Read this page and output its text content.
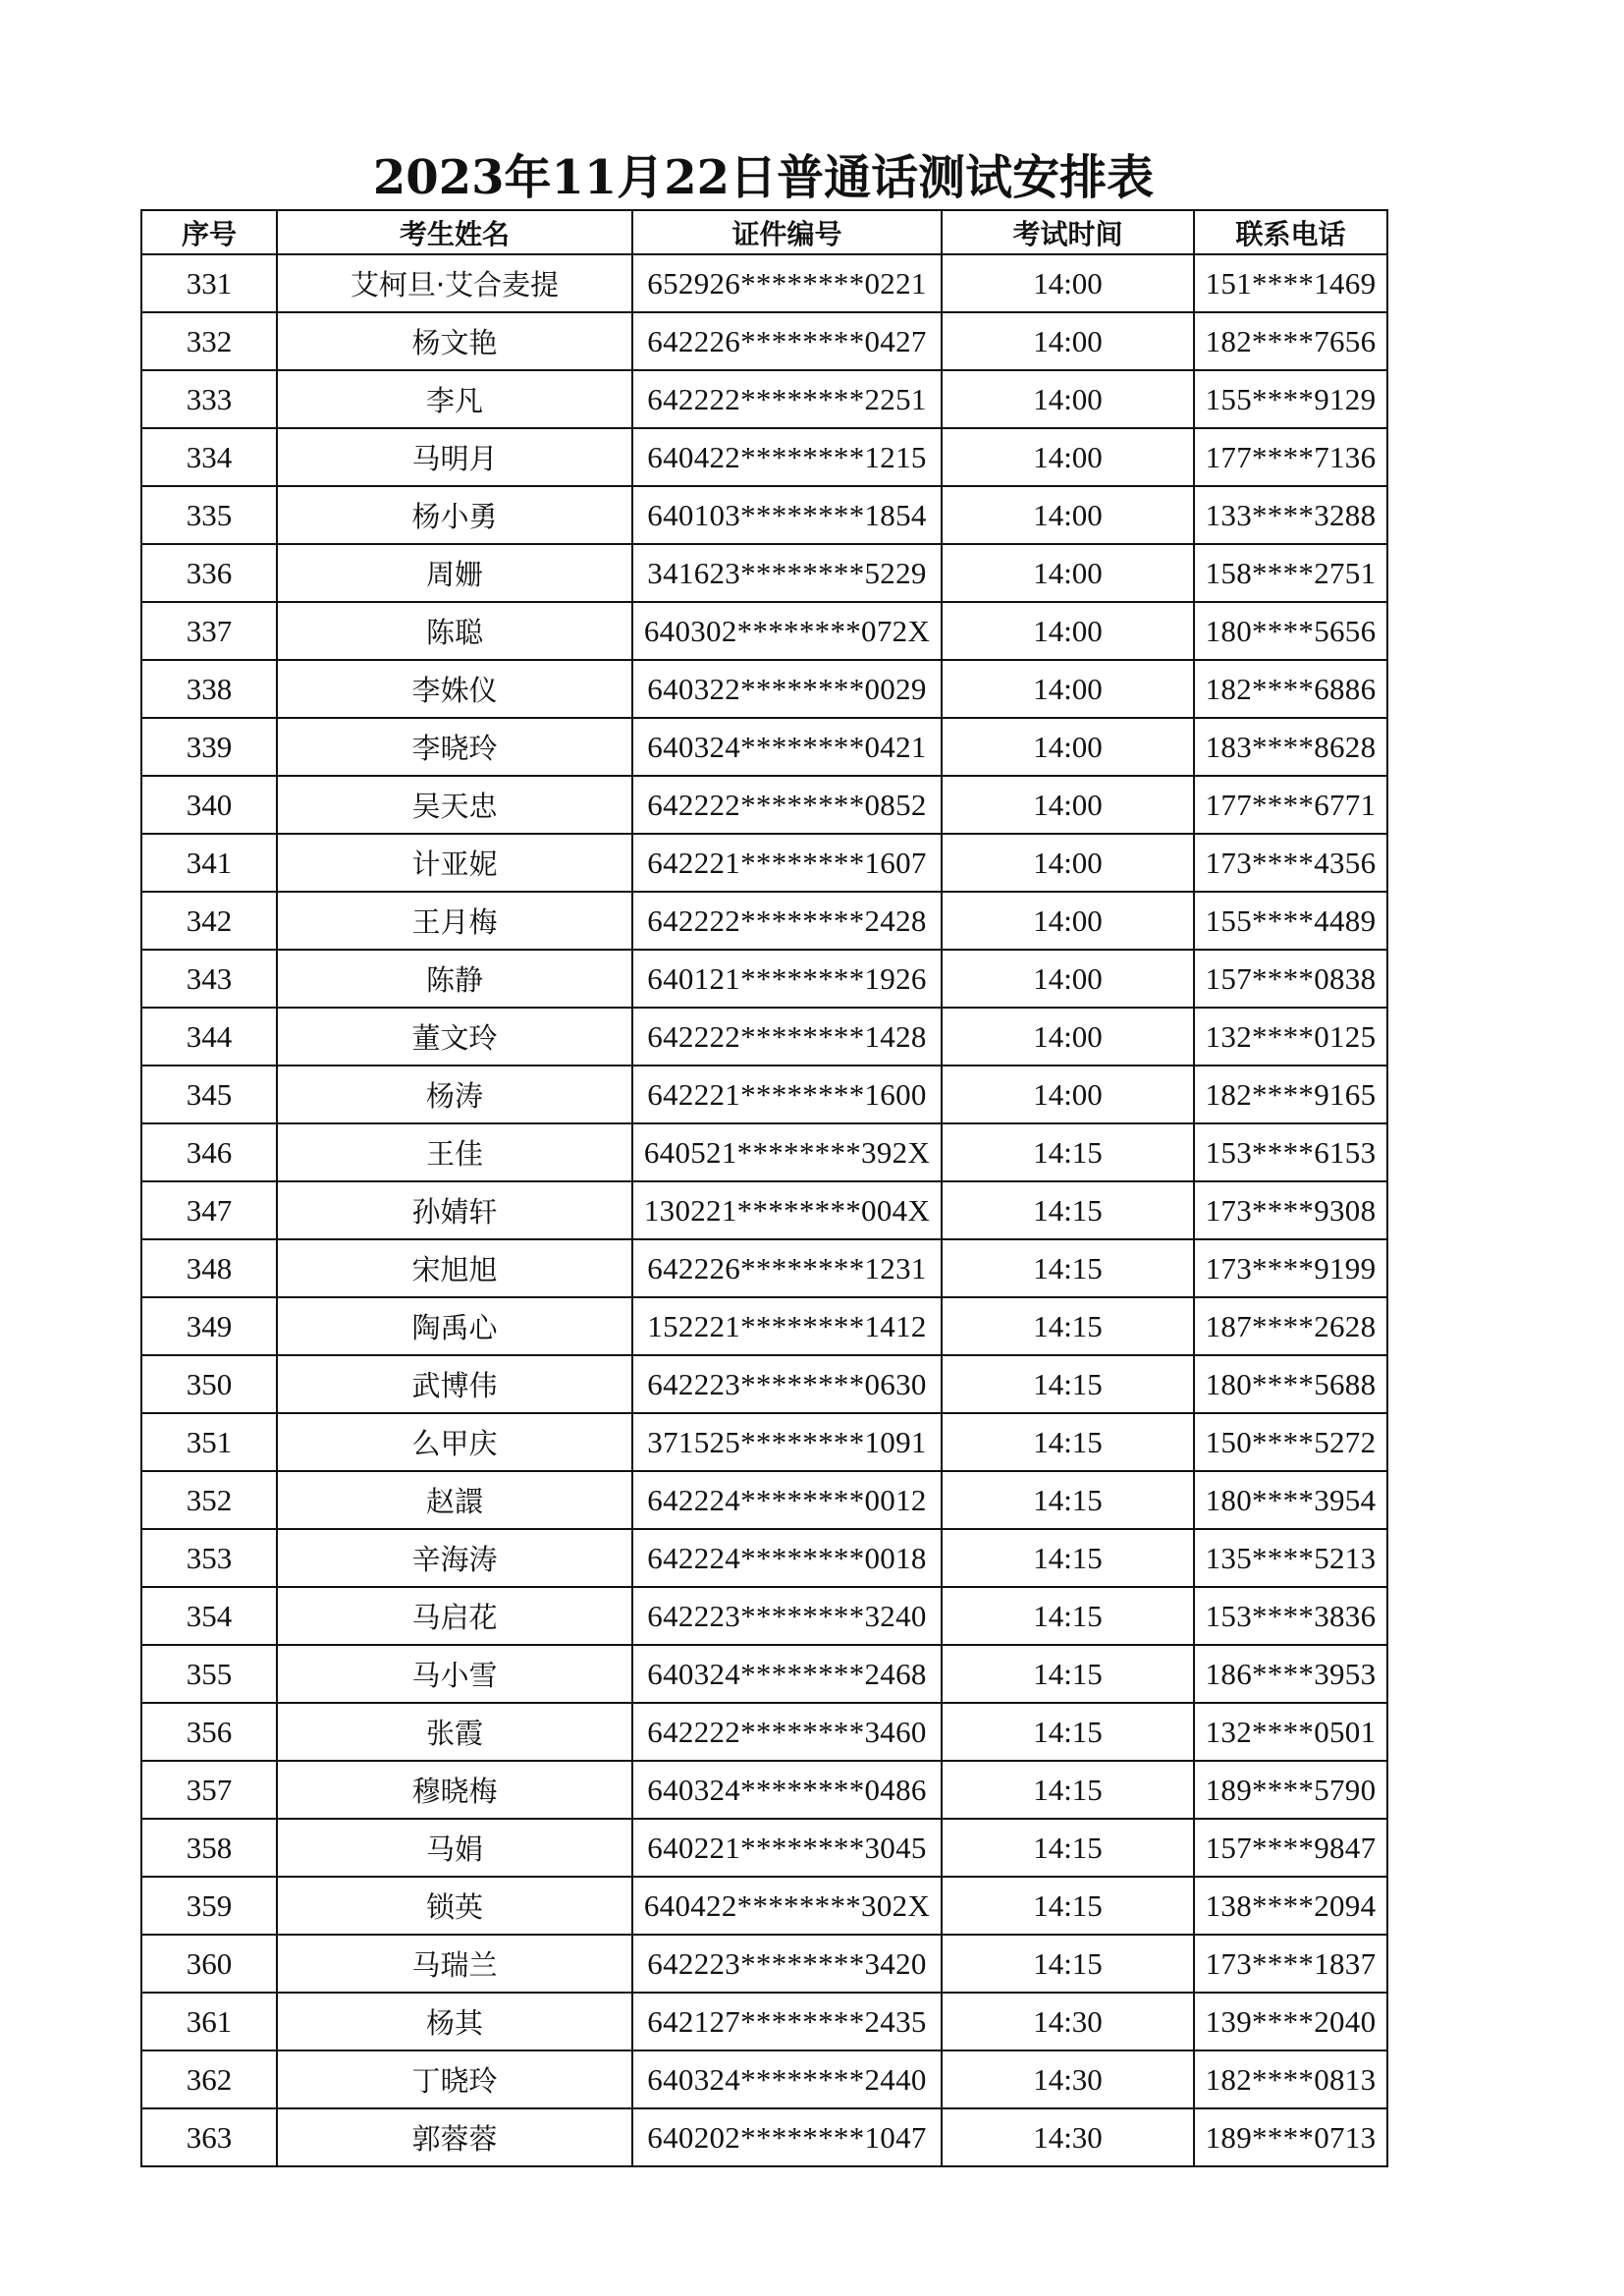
2023年11月22日普通话测试安排表
序号	考生姓名	证件编号	考试时间	联系电话
331	艾柯旦·艾合麦提	652926********0221	14:00	151****1469
332	杨文艳	642226********0427	14:00	182****7656
333	李凡	642222********2251	14:00	155****9129
334	马明月	640422********1215	14:00	177****7136
335	杨小勇	640103********1854	14:00	133****3288
336	周姗	341623********5229	14:00	158****2751
337	陈聪	640302********072X	14:00	180****5656
338	李姝仪	640322********0029	14:00	182****6886
339	李晓玲	640324********0421	14:00	183****8628
340	吴天忠	642222********0852	14:00	177****6771
341	计亚妮	642221********1607	14:00	173****4356
342	王月梅	642222********2428	14:00	155****4489
343	陈静	640121********1926	14:00	157****0838
344	董文玲	642222********1428	14:00	132****0125
345	杨涛	642221********1600	14:00	182****9165
346	王佳	640521********392X	14:15	153****6153
347	孙婧轩	130221********004X	14:15	173****9308
348	宋旭旭	642226********1231	14:15	173****9199
349	陶禹心	152221********1412	14:15	187****2628
350	武博伟	642223********0630	14:15	180****5688
351	么甲庆	371525********1091	14:15	150****5272
352	赵譞	642224********0012	14:15	180****3954
353	辛海涛	642224********0018	14:15	135****5213
354	马启花	642223********3240	14:15	153****3836
355	马小雪	640324********2468	14:15	186****3953
356	张霞	642222********3460	14:15	132****0501
357	穆晓梅	640324********0486	14:15	189****5790
358	马娟	640221********3045	14:15	157****9847
359	锁英	640422********302X	14:15	138****2094
360	马瑞兰	642223********3420	14:15	173****1837
361	杨其	642127********2435	14:30	139****2040
362	丁晓玲	640324********2440	14:30	182****0813
363	郭蓉蓉	640202********1047	14:30	189****0713
